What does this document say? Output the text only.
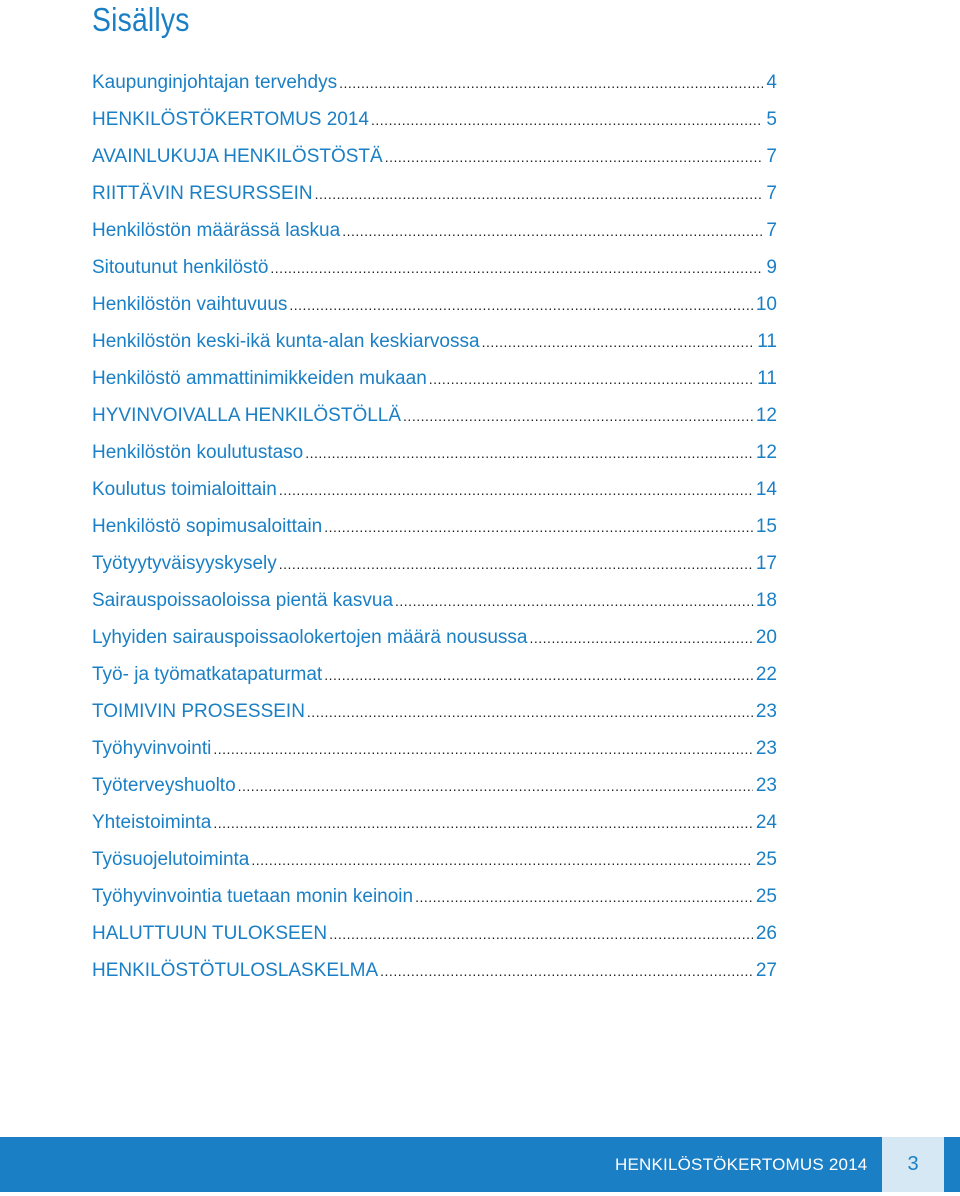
Sisällys
Kaupunginjohtajan tervehdys .....	4
HENKILÖSTÖKERTOMUS 2014 .....	5
AVAINLUKUJA HENKILÖSTÖSTÄ .....	7
RIITTÄVIN RESURSSEIN .....	7
Henkilöstön määrässä laskua .....	7
Sitoutunut henkilöstö .....	9
Henkilöstön vaihtuvuus .....	10
Henkilöstön keski-ikä kunta-alan keskiarvossa .....	11
Henkilöstö ammattinimikkeiden mukaan .....	11
HYVINVOIVALLA HENKILÖSTÖLLÄ .....	12
Henkilöstön koulutustaso .....	12
Koulutus toimialoittain .....	14
Henkilöstö sopimusaloittain .....	15
Työtyytyväisyyskysely .....	17
Sairauspoissaoloissa pientä kasvua .....	18
Lyhyiden sairauspoissaolokertojen määrä nousussa .....	20
Työ- ja työmatkatapaturmat .....	22
TOIMIVIN PROSESSEIN .....	23
Työhyvinvointi .....	23
Työterveyshuolto .....	23
Yhteistoiminta .....	24
Työsuojelutoiminta .....	25
Työhyvinvointia tuetaan monin keinoin .....	25
HALUTTUUN TULOKSEEN .....	26
HENKILÖSTÖTULOSLASKELMA .....	27
HENKILÖSTÖKERTOMUS 2014	3
